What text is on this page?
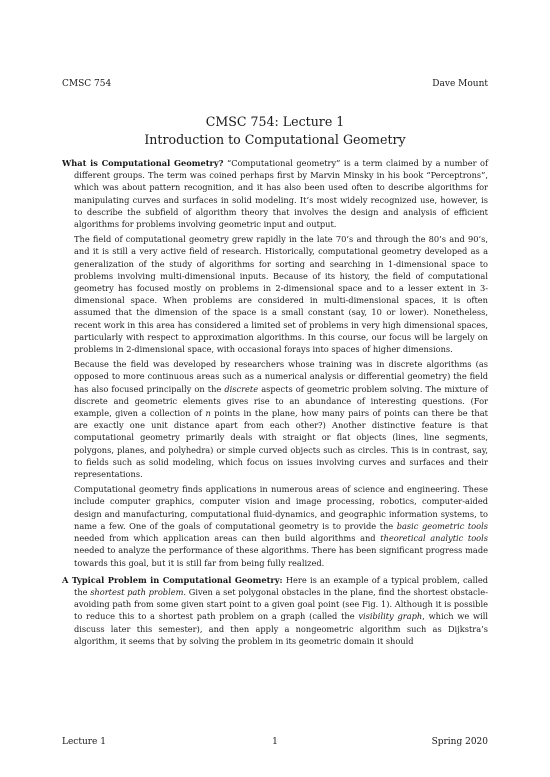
CMSC 754	Dave Mount
CMSC 754: Lecture 1
Introduction to Computational Geometry

What is Computational Geometry? “Computational geometry” is a term claimed by a number of different groups. The term was coined perhaps first by Marvin Minsky in his book “Perceptrons”, which was about pattern recognition, and it has also been used often to describe algorithms for manipulating curves and surfaces in solid modeling. It’s most widely recognized use, however, is to describe the subfield of algorithm theory that involves the design and analysis of efficient algorithms for problems involving geometric input and output.

The field of computational geometry grew rapidly in the late 70’s and through the 80’s and 90’s, and it is still a very active field of research. Historically, computational geometry developed as a generalization of the study of algorithms for sorting and searching in 1-dimensional space to problems involving multi-dimensional inputs. Because of its history, the field of computational geometry has focused mostly on problems in 2-dimensional space and to a lesser extent in 3-dimensional space. When problems are considered in multi-dimensional spaces, it is often assumed that the dimension of the space is a small constant (say, 10 or lower). Nonetheless, recent work in this area has considered a limited set of problems in very high dimensional spaces, particularly with respect to approximation algorithms. In this course, our focus will be largely on problems in 2-dimensional space, with occasional forays into spaces of higher dimensions.

Because the field was developed by researchers whose training was in discrete algorithms (as opposed to more continuous areas such as a numerical analysis or differential geometry) the field has also focused principally on the discrete aspects of geometric problem solving. The mixture of discrete and geometric elements gives rise to an abundance of interesting questions. (For example, given a collection of n points in the plane, how many pairs of points can there be that are exactly one unit distance apart from each other?) Another distinctive feature is that computational geometry primarily deals with straight or flat objects (lines, line segments, polygons, planes, and polyhedra) or simple curved objects such as circles. This is in contrast, say, to fields such as solid modeling, which focus on issues involving curves and surfaces and their representations.

Computational geometry finds applications in numerous areas of science and engineering. These include computer graphics, computer vision and image processing, robotics, computer-aided design and manufacturing, computational fluid-dynamics, and geographic information systems, to name a few. One of the goals of computational geometry is to provide the basic geometric tools needed from which application areas can then build algorithms and theoretical analytic tools needed to analyze the performance of these algorithms. There has been significant progress made towards this goal, but it is still far from being fully realized.

A Typical Problem in Computational Geometry: Here is an example of a typical problem, called the shortest path problem. Given a set polygonal obstacles in the plane, find the shortest obstacle-avoiding path from some given start point to a given goal point (see Fig. 1). Although it is possible to reduce this to a shortest path problem on a graph (called the visibility graph, which we will discuss later this semester), and then apply a nongeometric algorithm such as Dijkstra’s algorithm, it seems that by solving the problem in its geometric domain it should

Lecture 1	1	Spring 2020
